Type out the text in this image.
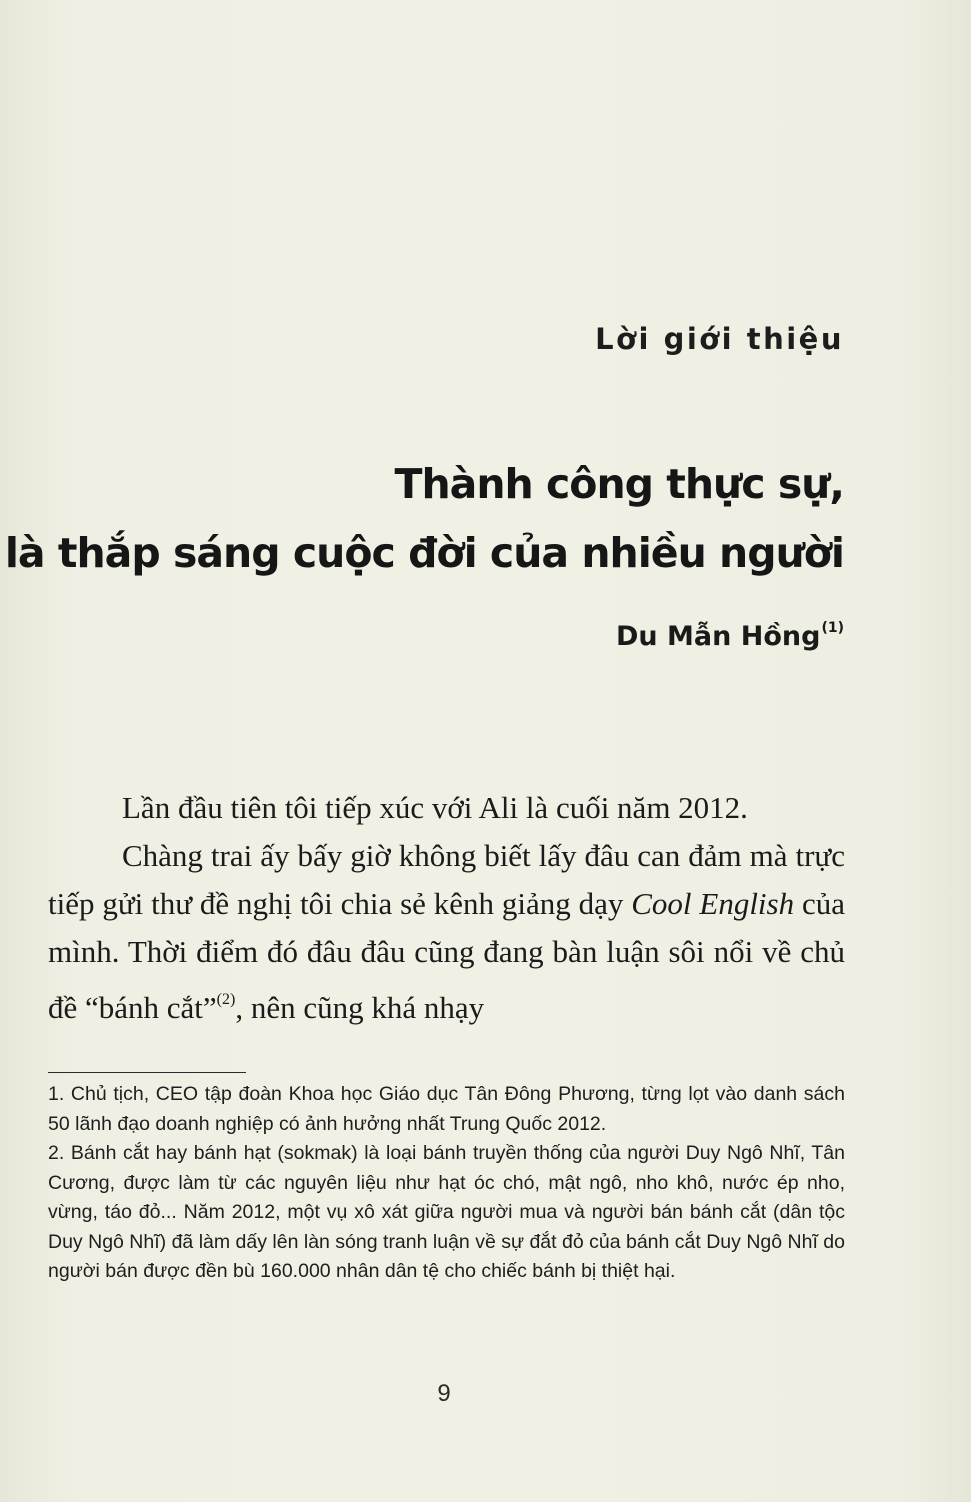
Lời giới thiệu
Thành công thực sự,
là thắp sáng cuộc đời của nhiều người
Du Mẫn Hồng$^{(1)}$

Lần đầu tiên tôi tiếp xúc với Ali là cuối năm 2012.

Chàng trai ấy bấy giờ không biết lấy đâu can đảm mà trực tiếp gửi thư đề nghị tôi chia sẻ kênh giảng dạy Cool English của mình. Thời điểm đó đâu đâu cũng đang bàn luận sôi nổi về chủ đề “bánh cắt”$^{(2)}$, nên cũng khá nhạy

1. Chủ tịch, CEO tập đoàn Khoa học Giáo dục Tân Đông Phương, từng lọt vào danh sách 50 lãnh đạo doanh nghiệp có ảnh hưởng nhất Trung Quốc 2012.

2. Bánh cắt hay bánh hạt (sokmak) là loại bánh truyền thống của người Duy Ngô Nhĩ, Tân Cương, được làm từ các nguyên liệu như hạt óc chó, mật ngô, nho khô, nước ép nho, vừng, táo đỏ... Năm 2012, một vụ xô xát giữa người mua và người bán bánh cắt (dân tộc Duy Ngô Nhĩ) đã làm dấy lên làn sóng tranh luận về sự đắt đỏ của bánh cắt Duy Ngô Nhĩ do người bán được đền bù 160.000 nhân dân tệ cho chiếc bánh bị thiệt hại.

9
